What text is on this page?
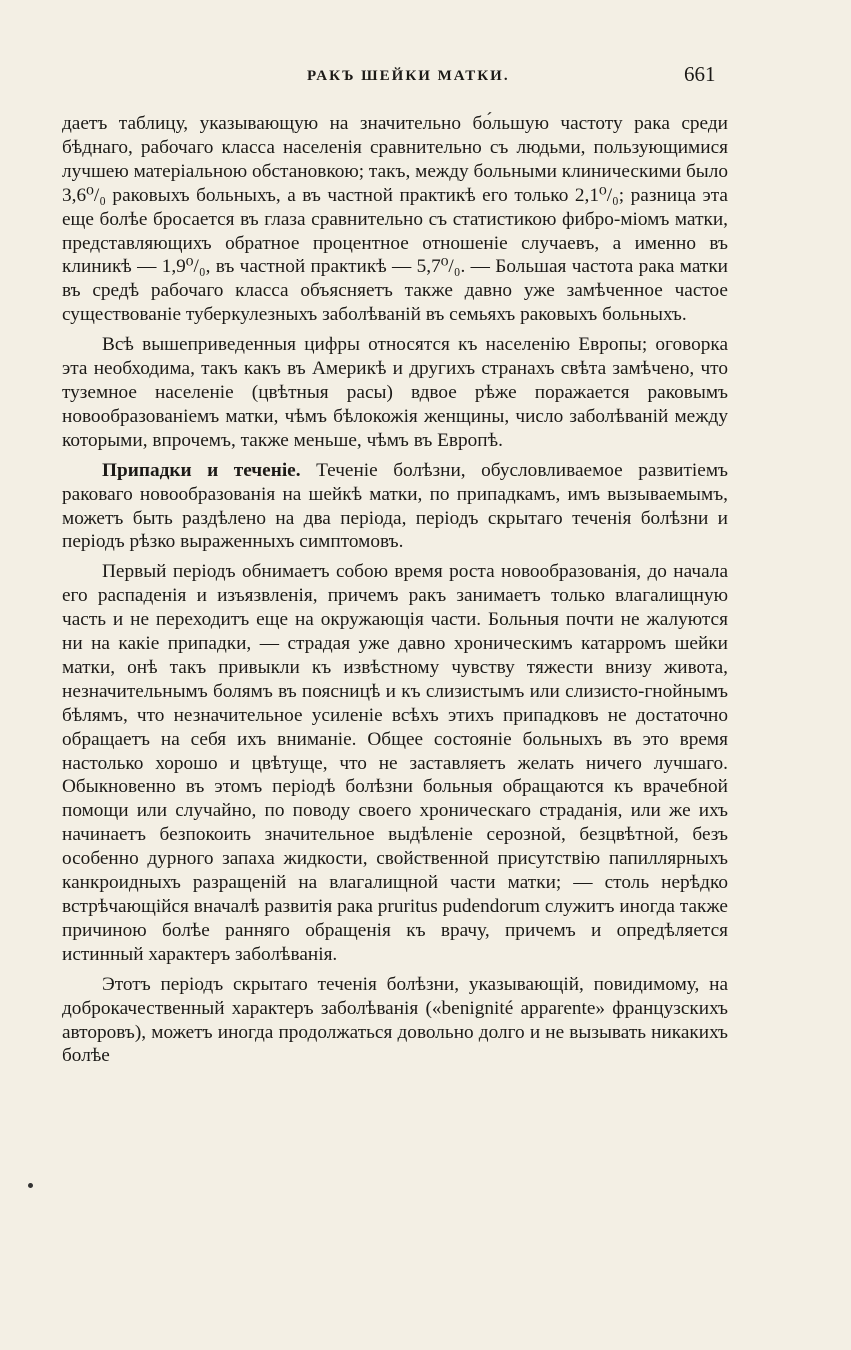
РАКЪ ШЕЙКИ МАТКИ.	661

даетъ таблицу, указывающую на значительно бо́льшую частоту рака среди бѣднаго, рабочаго класса населенія сравнительно съ людьми, пользующимися лучшею матеріальною обстановкою; такъ, между больными клиническими было 3,6⁰/₀ раковыхъ больныхъ, а въ частной практикѣ его только 2,1⁰/₀; разница эта еще болѣе бросается въ глаза сравнительно съ статистикою фибро-міомъ матки, представляющихъ обратное процентное отношеніе случаевъ, а именно въ клиникѣ — 1,9⁰/₀, въ частной практикѣ — 5,7⁰/₀. — Большая частота рака матки въ средѣ рабочаго класса объясняетъ также давно уже замѣченное частое существованіе туберкулезныхъ заболѣваній въ семьяхъ раковыхъ больныхъ.

Всѣ вышеприведенныя цифры относятся къ населенію Европы; оговорка эта необходима, такъ какъ въ Америкѣ и другихъ странахъ свѣта замѣчено, что туземное населеніе (цвѣтныя расы) вдвое рѣже поражается раковымъ новообразованіемъ матки, чѣмъ бѣлокожія женщины, число заболѣваній между которыми, впрочемъ, также меньше, чѣмъ въ Европѣ.

Припадки и теченіе. Теченіе болѣзни, обусловливаемое развитіемъ раковаго новообразованія на шейкѣ матки, по припадкамъ, имъ вызываемымъ, можетъ быть раздѣлено на два періода, періодъ скрытаго теченія болѣзни и періодъ рѣзко выраженныхъ симптомовъ.

Первый періодъ обнимаетъ собою время роста новообразованія, до начала его распаденія и изъязвленія, причемъ ракъ занимаетъ только влагалищную часть и не переходитъ еще на окружающія части. Больныя почти не жалуются ни на какіе припадки, — страдая уже давно хроническимъ катарромъ шейки матки, онѣ такъ привыкли къ извѣстному чувству тяжести внизу живота, незначительнымъ болямъ въ поясницѣ и къ слизистымъ или слизисто-гнойнымъ бѣлямъ, что незначительное усиленіе всѣхъ этихъ припадковъ не достаточно обращаетъ на себя ихъ вниманіе. Общее состояніе больныхъ въ это время настолько хорошо и цвѣтуще, что не заставляетъ желать ничего лучшаго. Обыкновенно въ этомъ періодѣ болѣзни больныя обращаются къ врачебной помощи или случайно, по поводу своего хроническаго страданія, или же ихъ начинаетъ безпокоить значительное выдѣленіе серозной, безцвѣтной, безъ особенно дурного запаха жидкости, свойственной присутствію папиллярныхъ канкроидныхъ разращеній на влагалищной части матки; — столь нерѣдко встрѣчающійся вначалѣ развитія рака pruritus pudendorum служитъ иногда также причиною болѣе ранняго обращенія къ врачу, причемъ и опредѣляется истинный характеръ заболѣванія.

Этотъ періодъ скрытаго теченія болѣзни, указывающій, повидимому, на доброкачественный характеръ заболѣванія («benignité apparente» французскихъ авторовъ), можетъ иногда продолжаться довольно долго и не вызывать никакихъ болѣе
